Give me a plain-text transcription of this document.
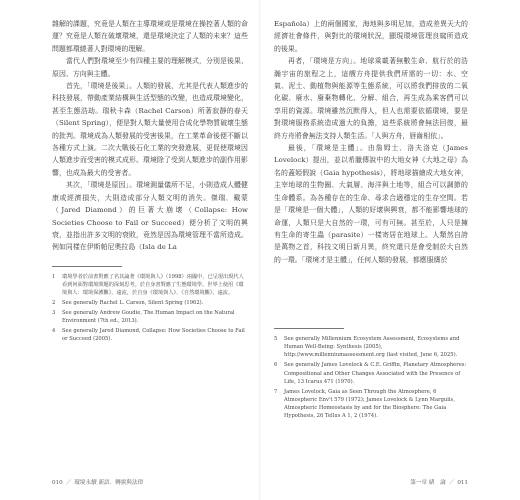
雜解的課題，究竟是人類在主導環境或是環境在操控著人類的命運？究竟是人類在破壞環境，還是環境決定了人類的未來？這些問題都環繞著人對環境的理解。

當代人們對環境至少有四種主要的理解模式，分別是後果、原因、方向與主體。

首先，「環境是後果」。人類的發展，尤其是代表人類進步的科技發展，帶動產業結構與生活型態的改變，也造成環境變化，甚至生態浩劫。瑞秋卡森（Rachel Carson）所著寂靜的春天（Silent Spring），便是對人類大量使用合成化學物質破壞生態的批判。環境成為人類發展的受害後果，在工業革命後便不斷以各種方式上演。二次大戰後石化工業的突發進展，更促使環境因人類進步而受害的模式成形。環境除了受到人類進步的副作用影響，也成為最大的受害者。

其次，「環境是原因」。環境測量儀所不足，小則造成人體健康或經濟損失，大則造成部分人類文明的消失。傑瑞．戴蒙（Jared Diamond）的巨著大崩壞（Collapse: How Societies Choose to Fail or Succeed）便分析了文明的興衰，並指出許多文明的衰敗，竟然是因為環境管理不當所造成。例如同樣在伊斯帕尼奧拉島（Isla de La

1	環境學者於前書對應了名其論著《環境與人》（1998）兩國中，已呈現出現代人看到何面對環境問題的深刻思考。於自身書對應了生態環境學。世界上使用《環境與人：環境保護觀》，遠流，於自身《環境與人》、《自然環境觀》，遠流。
2	See generally Rachel L. Carson, Silent Spring (1962).
3	See generally Andrew Goudie, The Human Impact on the Natural Environment (7th ed., 2013).
4	See generally Jared Diamond, Collapse: How Societies Choose to Fail or Succeed (2005).
010 ／ 環境永續 新語．轉捩與法律

Española）上的兩個國家，海地與多明尼加，造成差異天大的經濟社會條件，與對比的環境狀況，顯現環境管理良窳所造成的後果。

再者，「環境是方向」。地球乘載著無數生命、航行於的浩瀚宇宙的旅程之上，這艘方舟提供我們所需的一切：水、空氣、泥土、動植物與能源等生態系統，可以將我們排放的二氧化碳、廢水、廢棄物轉化、分解、組合，再生成為乘客們可以享用的資源。環境雖然沉默得人，但人也需要依循環境，要是對環境服務系統造成過大的負擔，這些系統將會無法回復，最終方舟將會無法支持人類生活。「人與方舟，唇齒相依」。

最後，「環境是主體」。由詹姆士．洛夫洛克（James Lovelock）提出，並以希臘傳說中的大地女神《大地之母》為名的蓋婭假說（Gaia hypothesis），將地球描繪成大地女神，主宰地球的生物圈、大氣層、海洋與土地等，組合可以調節的生命體系。為各種存在的生命、尋求合適穩定的生存空間。若是「環境是一個大體」，人類的好壞與興衰，都不能影響地球的命運，人類只是大自然的一環，可有可無。甚至於，人只是擁有生命的寄生蟲（parasite）一樣寄居在地球上。人類然自誇是萬物之首，科技文明日新月異，終究還只是會受制於大自然的一環。「環境才是主體」，任何人類的發展，都應服膺於

5	See generally Millennium Ecosystem Assessment, Ecosystems and Human Well-Being: Synthesis (2005), http://www.millenniumassessment.org (last visited, June 6, 2025).
6	See generally James Lovelock & C.E. Griffin, Planetary Atmospheres: Compositional and Other Changes Associated with the Presence of Life, 13 Icarus 471 (1970).
7	James Lovelock, Gaia as Seen Through the Atmosphere, 6 Atmospheric Env't 579 (1972); James Lovelock & Lynn Margulis, Atmospheric Homeostasis by and for the Biosphere: The Gaia Hypothesis, 26 Tellus A 1, 2 (1974).
第一章 緒　論 ／ 011
